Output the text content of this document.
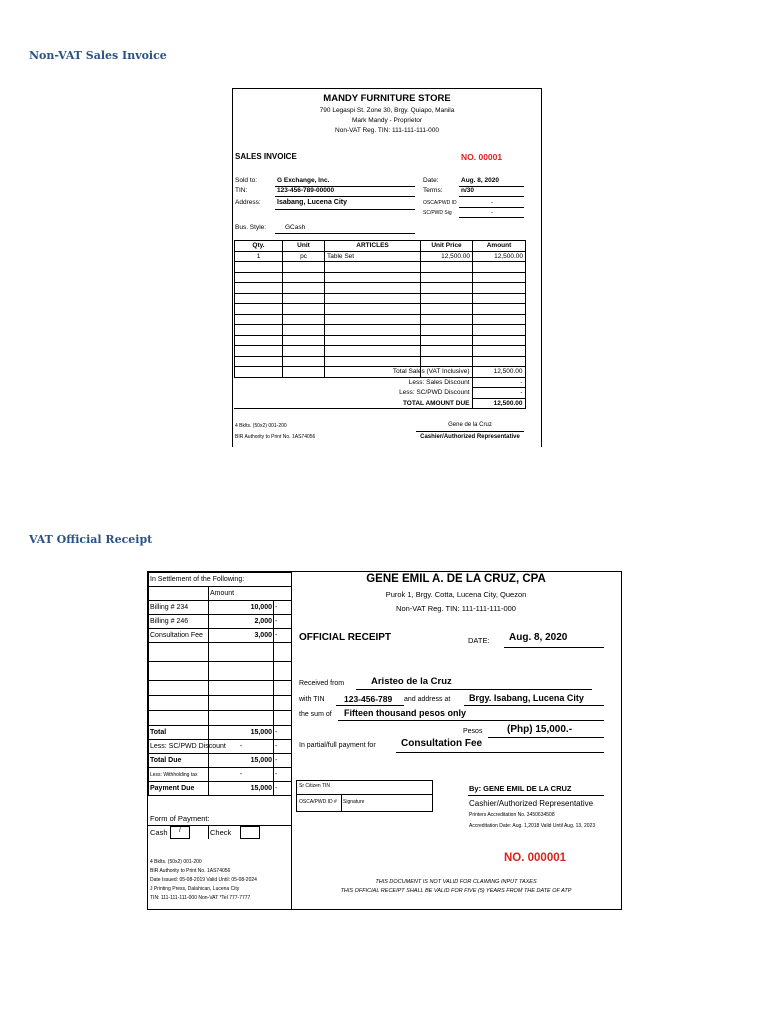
Non-VAT Sales Invoice
VAT Official Receipt
MANDY FURNITURE STORE
790 Legaspi St. Zone 30, Brgy. Quiapo, Manila
Mark Mandy - Proprietor
Non-VAT Reg. TIN: 111-111-111-000
SALES INVOICE	NO. 00001
Sold to:	G Exchange, Inc.
TIN:	123-456-789-00000
Address: Isabang, Lucena City
Date:	Aug. 8, 2020
Terms:	n/30
OSCA/PWD ID	-
SC/PWD Sig	-
Bus. Style:	GCash
Qty.	Unit	ARTICLES	Unit Price	Amount
1	pc	Table Set	12,500.00	12,500.00

	Total Sales (VAT Inclusive)	12,500.00
	Less: Sales Discount	-
	Less: SC/PWD Discount	-
	TOTAL AMOUNT DUE	12,500.00
4 Bklts. (50x2) 001-200
BIR Authority to Print No. 1AS74056
Gene de la Cruz
Cashier/Authorized Representative
In Settlement of the Following:		
	Amount	
Billing # 234	10,000	-
Billing # 246	2,000	-
Consultation Fee	3,000	-

Total	15,000	-
Less: SC/PWD Discount	-	-
Total Due	15,000	-
Less: Withholding tax	-	-
Payment Due	15,000	-
Form of Payment:
Cash	/	Check
4 Bklts. (50x2) 001-200
BIR Authority to Print No. 1AS74056
Date Issued: 05-08-2019 Valid Until: 05-08-2024
J Printing Press, Dalahican, Lucena City
TIN: 111-111-111-000 Non-VAT *Tel 777-7777
GENE EMIL A. DE LA CRUZ, CPA
Purok 1, Brgy. Cotta, Lucena City, Quezon
Non-VAT Reg. TIN: 111-111-111-000
OFFICIAL RECEIPT	DATE: Aug. 8, 2020
Received from	Aristeo de la Cruz
with TIN 123-456-789 and address at Brgy. Isabang, Lucena City
the sum of Fifteen thousand pesos only
Pesos (Php) 15,000.-
In partial/full payment for	Consultation Fee
Sr Citizen TIN
OSCA/PWD ID # Signature
By: GENE EMIL DE LA CRUZ
Cashier/Authorized Representative
Printers Accreditation No. 3450634508
Accreditation Date: Aug. 1,2018 Valid Until Aug. 13, 2023
NO. 000001
THIS DOCUMENT IS NOT VALID FOR CLAIMING INPUT TAXES
THIS OFFICIAL RECEIPT SHALL BE VALID FOR FIVE (5) YEARS FROM THE DATE OF ATP
